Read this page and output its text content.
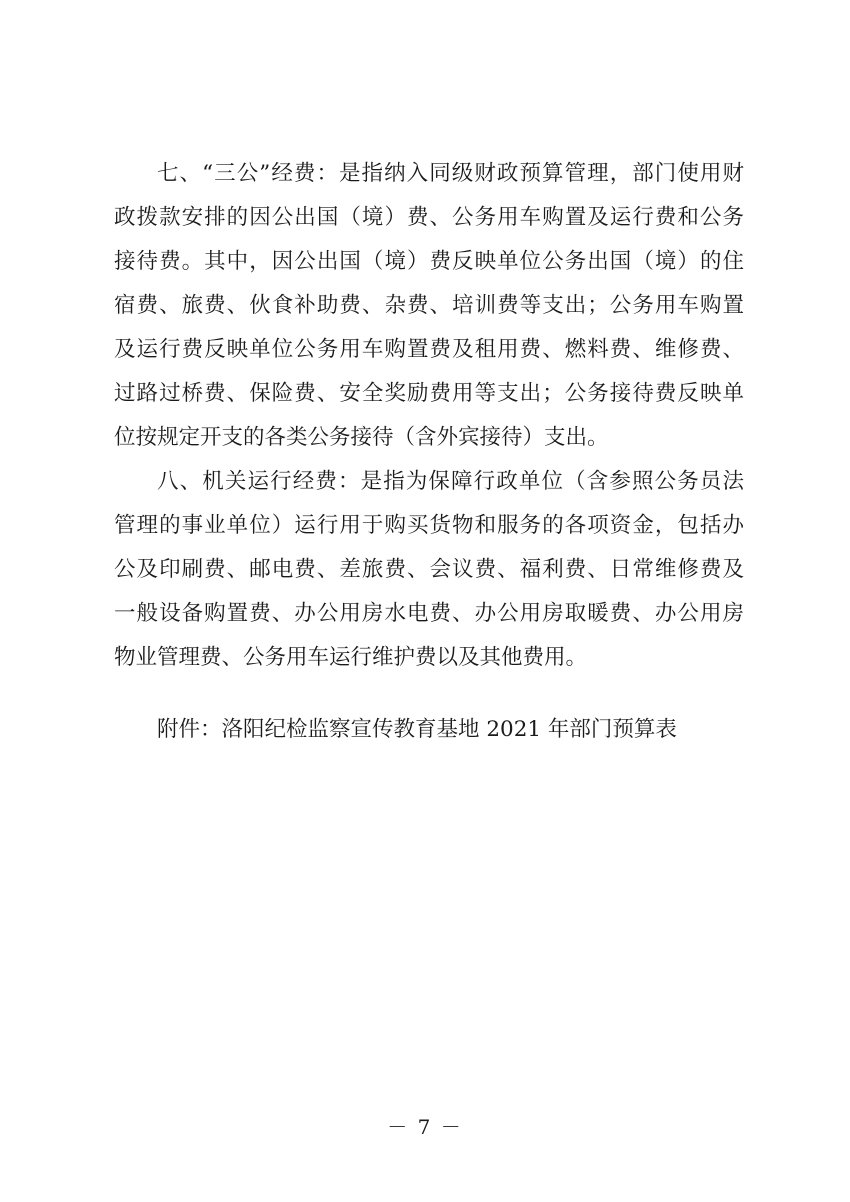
七、“三公”经费：是指纳入同级财政预算管理，部门使用财
政拨款安排的因公出国（境）费、公务用车购置及运行费和公务
接待费。其中，因公出国（境）费反映单位公务出国（境）的住
宿费、旅费、伙食补助费、杂费、培训费等支出；公务用车购置
及运行费反映单位公务用车购置费及租用费、燃料费、维修费、
过路过桥费、保险费、安全奖励费用等支出；公务接待费反映单
位按规定开支的各类公务接待（含外宾接待）支出。
八、机关运行经费：是指为保障行政单位（含参照公务员法
管理的事业单位）运行用于购买货物和服务的各项资金，包括办
公及印刷费、邮电费、差旅费、会议费、福利费、日常维修费及
一般设备购置费、办公用房水电费、办公用房取暖费、办公用房
物业管理费、公务用车运行维护费以及其他费用。
附件：洛阳纪检监察宣传教育基地 2021 年部门预算表
－ 7 －
